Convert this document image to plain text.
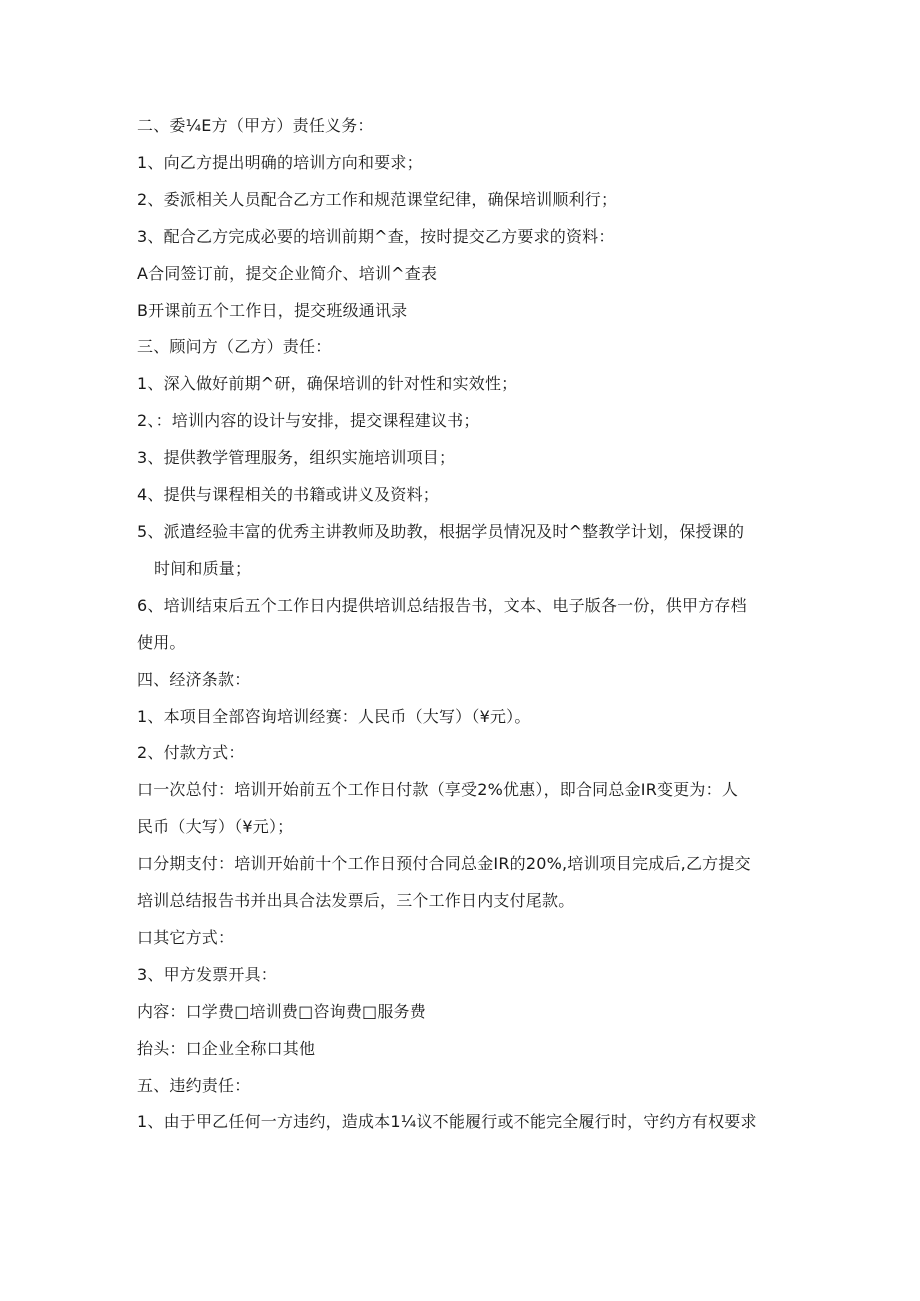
二、委¼E方（甲方）责任义务：
1、向乙方提出明确的培训方向和要求；
2、委派相关人员配合乙方工作和规范课堂纪律，确保培训顺利行；
3、配合乙方完成必要的培训前期^查，按时提交乙方要求的资料：
A合同签订前，提交企业简介、培训^查表
B开课前五个工作日，提交班级通讯录
三、顾问方（乙方）责任：
1、深入做好前期^研，确保培训的针对性和实效性；
2、：培训内容的设计与安排，提交课程建议书；
3、提供教学管理服务，组织实施培训项目；
4、提供与课程相关的书籍或讲义及资料；
5、派遣经验丰富的优秀主讲教师及助教，根据学员情况及时^整教学计划，保授课的
时间和质量；
6、培训结束后五个工作日内提供培训总结报告书，文本、电子版各一份，供甲方存档
使用。
四、经济条款：
1、本项目全部咨询培训经赛：人民币（大写）（¥元）。
2、付款方式：
口一次总付：培训开始前五个工作日付款（享受2%优惠），即合同总金IR变更为：人
民币（大写）（¥元）；
口分期支付：培训开始前十个工作日预付合同总金IR的20%,培训项目完成后,乙方提交
培训总结报告书并出具合法发票后，三个工作日内支付尾款。
口其它方式：
3、甲方发票开具：
内容：口学费□培训费□咨询费□服务费
抬头：口企业全称口其他
五、违约责任：
1、由于甲乙任何一方违约，造成本1¼议不能履行或不能完全履行时，守约方有权要求
